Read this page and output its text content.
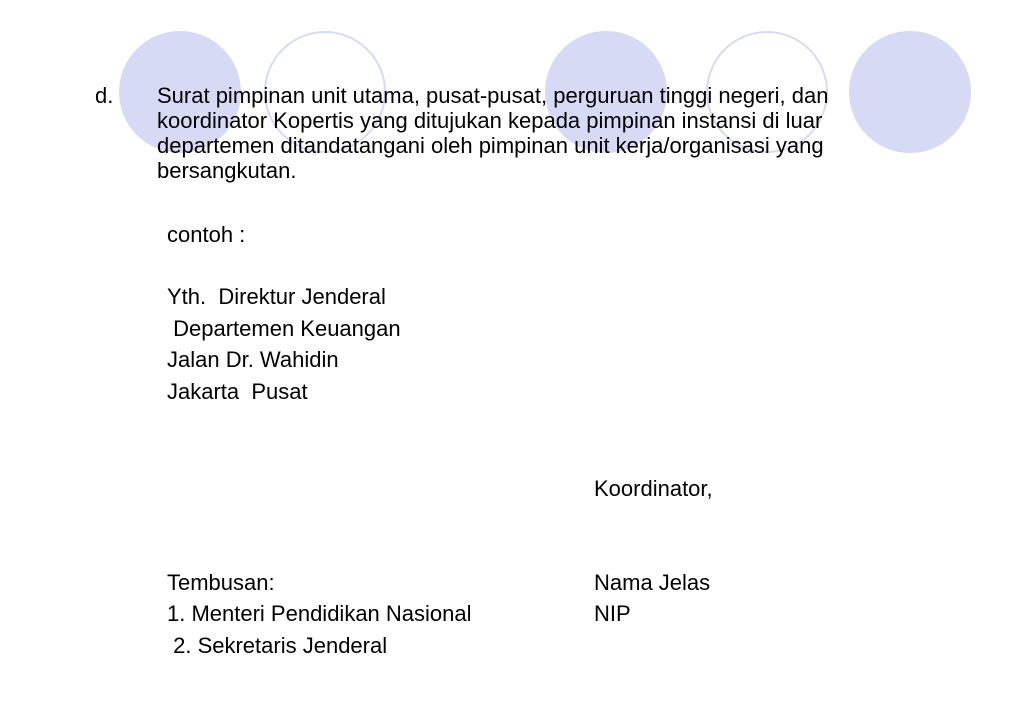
d. Surat pimpinan unit utama, pusat-pusat, perguruan tinggi negeri, dan
koordinator Kopertis yang ditujukan kepada pimpinan instansi di luar
departemen ditandatangani oleh pimpinan unit kerja/organisasi yang
bersangkutan.
contoh :
Yth.  Direktur Jenderal
Departemen Keuangan
Jalan Dr. Wahidin
Jakarta  Pusat
Koordinator,
Nama Jelas
NIP
Tembusan:
1. Menteri Pendidikan Nasional
2. Sekretaris Jenderal
